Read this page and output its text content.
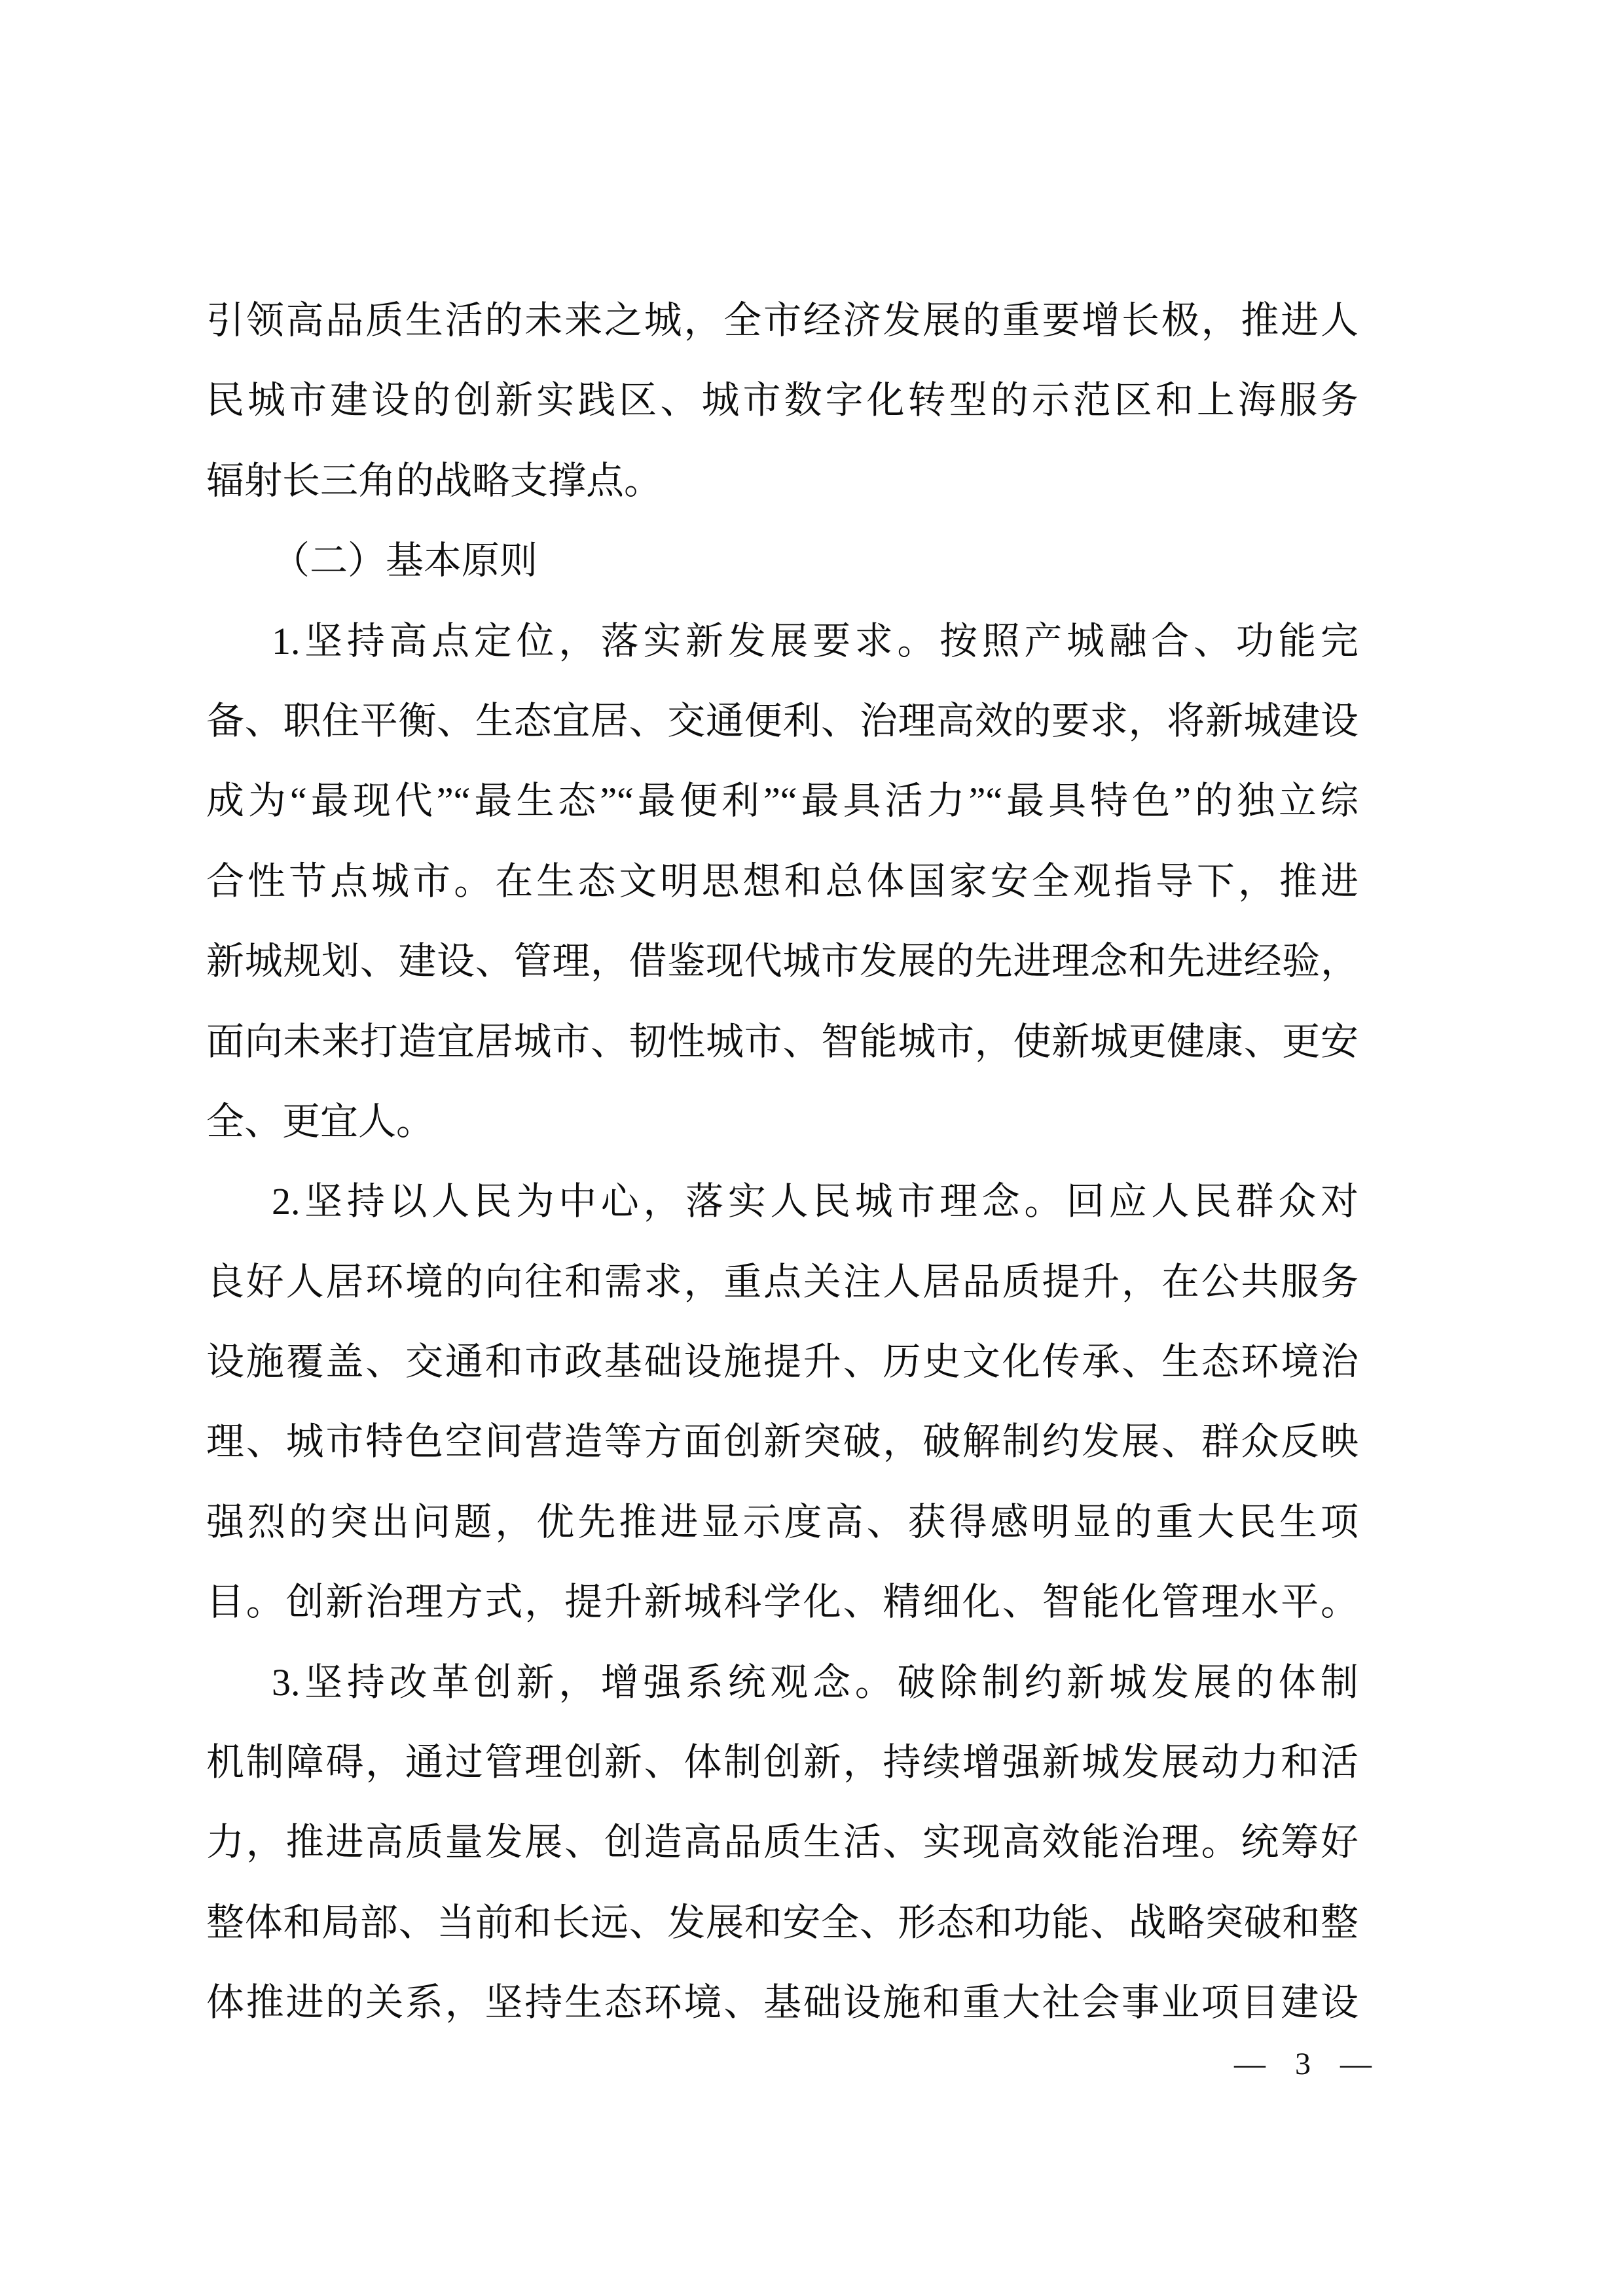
引领高品质生活的未来之城，全市经济发展的重要增长极，推进人
民城市建设的创新实践区、城市数字化转型的示范区和上海服务
辐射长三角的战略支撑点。
（二）基本原则
1.坚持高点定位，落实新发展要求。按照产城融合、功能完
备、职住平衡、生态宜居、交通便利、治理高效的要求，将新城建设
成为“最现代”“最生态”“最便利”“最具活力”“最具特色”的独立综
合性节点城市。在生态文明思想和总体国家安全观指导下，推进
新城规划、建设、管理，借鉴现代城市发展的先进理念和先进经验，
面向未来打造宜居城市、韧性城市、智能城市，使新城更健康、更安
全、更宜人。
2.坚持以人民为中心，落实人民城市理念。回应人民群众对
良好人居环境的向往和需求，重点关注人居品质提升，在公共服务
设施覆盖、交通和市政基础设施提升、历史文化传承、生态环境治
理、城市特色空间营造等方面创新突破，破解制约发展、群众反映
强烈的突出问题，优先推进显示度高、获得感明显的重大民生项
目。创新治理方式，提升新城科学化、精细化、智能化管理水平。
3.坚持改革创新，增强系统观念。破除制约新城发展的体制
机制障碍，通过管理创新、体制创新，持续增强新城发展动力和活
力，推进高质量发展、创造高品质生活、实现高效能治理。统筹好
整体和局部、当前和长远、发展和安全、形态和功能、战略突破和整
体推进的关系，坚持生态环境、基础设施和重大社会事业项目建设
— 3 —
